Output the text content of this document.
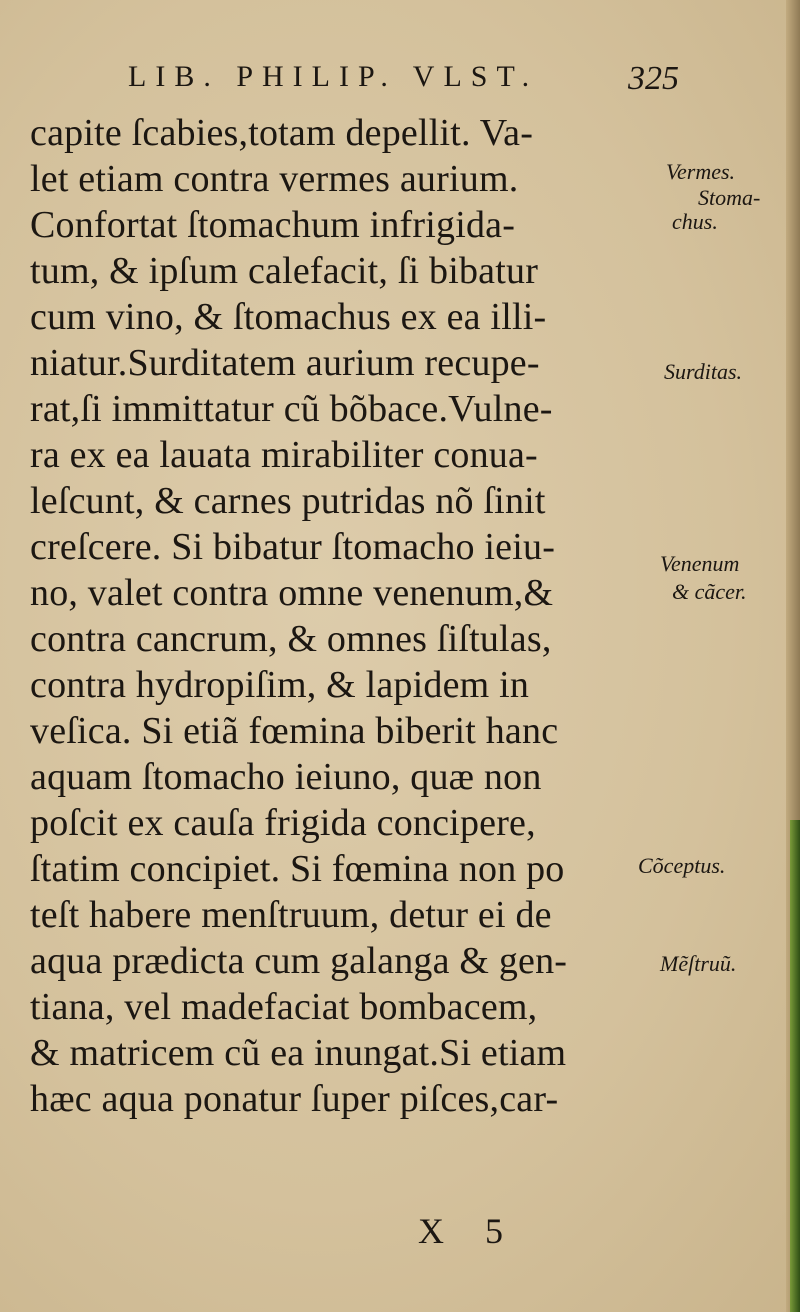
LIB. PHILIP. VLST.	325
capite ſcabies,totam depellit. Va-
let etiam contra vermes aurium.
Confortat ſtomachum infrigida-
tum, & ipſum calefacit, ſi bibatur
cum vino, & ſtomachus ex ea illi-
niatur.Surditatem aurium recupe-
rat,ſi immittatur cũ bõbace.Vulne-
ra ex ea lauata mirabiliter conua-
leſcunt, & carnes putridas nõ ſinit
creſcere. Si bibatur ſtomacho ieiu-
no, valet contra omne venenum,&
contra cancrum, & omnes ſiſtulas,
contra hydropiſim, & lapidem in
veſica. Si etiã fœmina biberit hanc
aquam ſtomacho ieiuno, quæ non
poſcit ex cauſa frigida concipere,
ſtatim concipiet. Si fœmina non po
teſt habere menſtruum, detur ei de
aqua prædicta cum galanga & gen-
tiana, vel madefaciat bombacem,
& matricem cũ ea inungat.Si etiam
hæc aqua ponatur ſuper piſces,car-
Vermes.
Stoma-
chus.
Surditas.
Venenum
& cãcer.
Cõceptus.
Mẽſtruũ.
X 5
